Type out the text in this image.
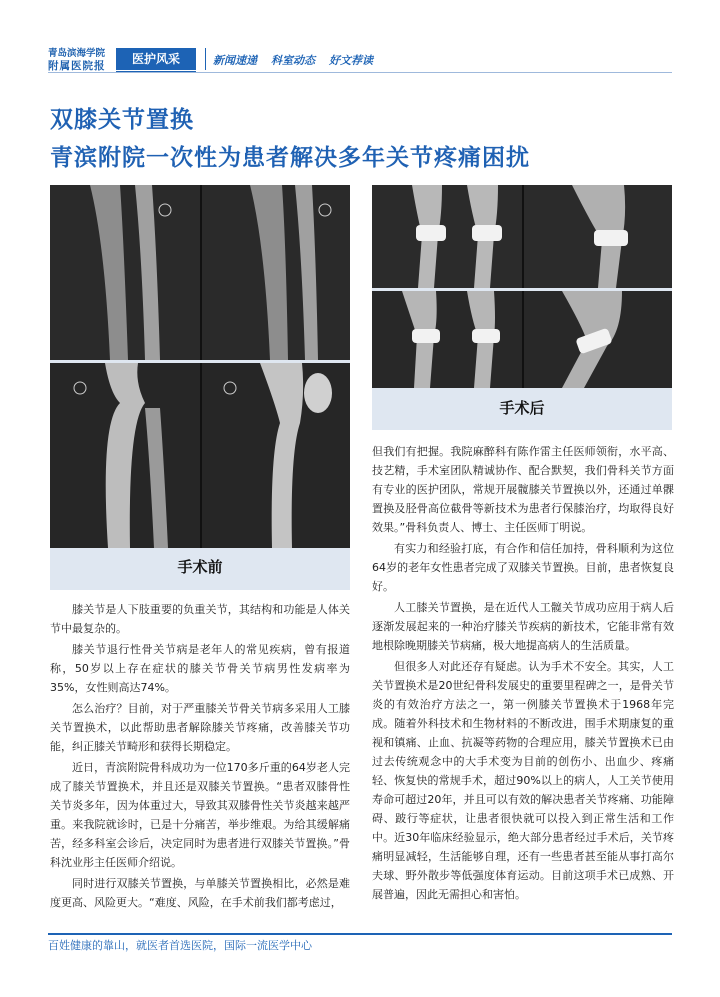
青岛滨海学院
附属医院报	医护风采	新闻速递 科室动态 好文荐读
双膝关节置换
青滨附院一次性为患者解决多年关节疼痛困扰
手术前
手术后

膝关节是人下肢重要的负重关节，其结构和功能是人体关节中最复杂的。

膝关节退行性骨关节病是老年人的常见疾病，曾有报道称，50岁以上存在症状的膝关节骨关节病男性发病率为35%，女性则高达74%。

怎么治疗？目前，对于严重膝关节骨关节病多采用人工膝关节置换术，以此帮助患者解除膝关节疼痛，改善膝关节功能，纠正膝关节畸形和获得长期稳定。

近日，青滨附院骨科成功为一位170多斤重的64岁老人完成了膝关节置换术，并且还是双膝关节置换。“患者双膝骨性关节炎多年，因为体重过大，导致其双膝骨性关节炎越来越严重。来我院就诊时，已是十分痛苦，举步维艰。为给其缓解痛苦，经多科室会诊后，决定同时为患者进行双膝关节置换。”骨科沈业彤主任医师介绍说。

同时进行双膝关节置换，与单膝关节置换相比，必然是难度更高、风险更大。“难度、风险，在手术前我们都考虑过，

但我们有把握。我院麻醉科有陈作雷主任医师领衔，水平高、技艺精，手术室团队精诚协作、配合默契，我们骨科关节方面有专业的医护团队，常规开展髋膝关节置换以外，还通过单髁置换及胫骨高位截骨等新技术为患者行保膝治疗，均取得良好效果。”骨科负责人、博士、主任医师丁明说。

有实力和经验打底，有合作和信任加持，骨科顺利为这位64岁的老年女性患者完成了双膝关节置换。目前，患者恢复良好。

人工膝关节置换，是在近代人工髋关节成功应用于病人后逐渐发展起来的一种治疗膝关节疾病的新技术，它能非常有效地根除晚期膝关节病痛，极大地提高病人的生活质量。

但很多人对此还存有疑虑。认为手术不安全。其实，人工关节置换术是20世纪骨科发展史的重要里程碑之一，是骨关节炎的有效治疗方法之一，第一例膝关节置换术于1968年完成。随着外科技术和生物材料的不断改进，围手术期康复的重视和镇痛、止血、抗凝等药物的合理应用，膝关节置换术已由过去传统观念中的大手术变为目前的创伤小、出血少、疼痛轻、恢复快的常规手术，超过90%以上的病人，人工关节使用寿命可超过20年，并且可以有效的解决患者关节疼痛、功能障碍、跛行等症状，让患者很快就可以投入到正常生活和工作中。近30年临床经验显示，绝大部分患者经过手术后，关节疼痛明显减轻，生活能够自理，还有一些患者甚至能从事打高尔夫球、野外散步等低强度体育运动。目前这项手术已成熟、开展普遍，因此无需担心和害怕。

百姓健康的靠山，就医者首选医院，国际一流医学中心
